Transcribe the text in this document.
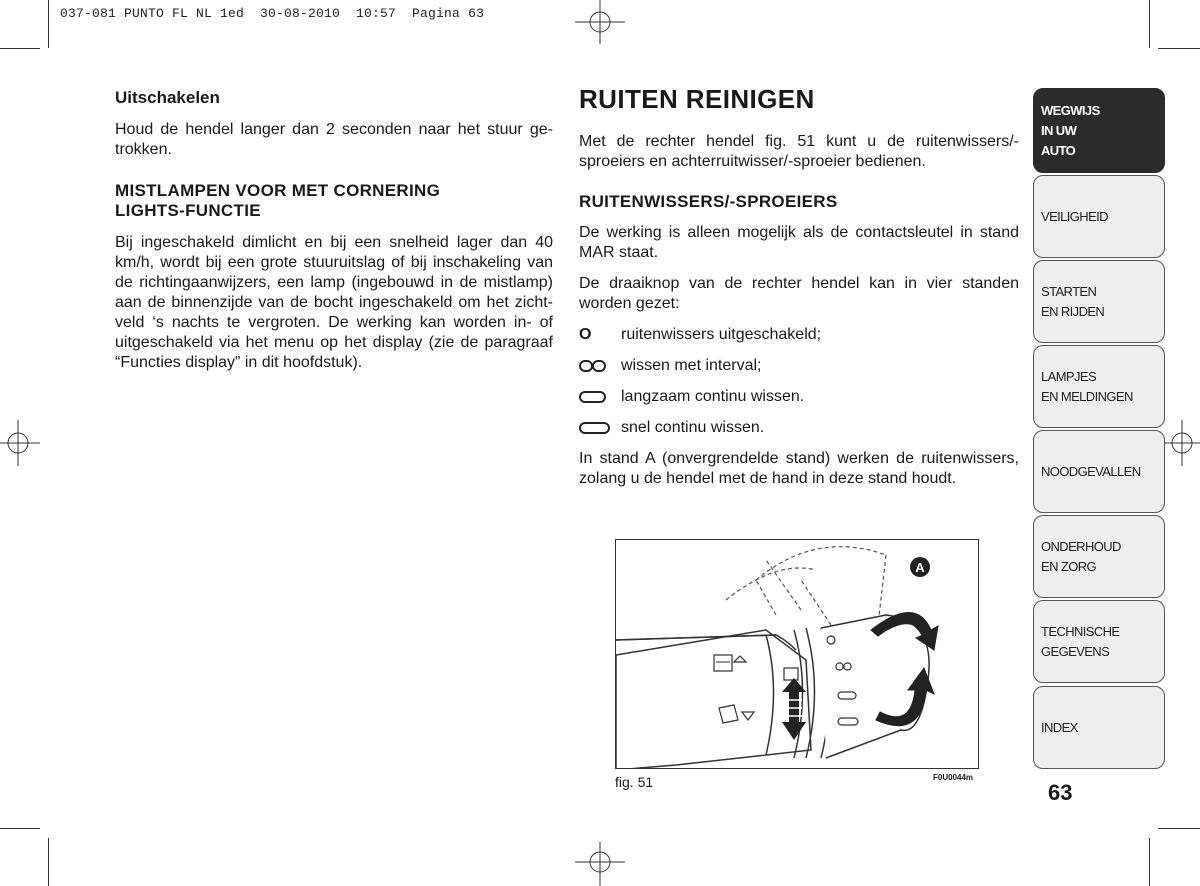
037-081 PUNTO FL NL 1ed  30-08-2010  10:57  Pagina 63
Uitschakelen

Houd de hendel langer dan 2 seconden naar het stuur ge-trokken.

MISTLAMPEN VOOR MET CORNERING
LIGHTS-FUNCTIE

Bij ingeschakeld dimlicht en bij een snelheid lager dan 40 km/h, wordt bij een grote stuuruitslag of bij inschakeling van de richtingaanwijzers, een lamp (ingebouwd in de mistlamp) aan de binnenzijde van de bocht ingeschakeld om het zicht-veld ‘s nachts te vergroten. De werking kan worden in- of uitgeschakeld via het menu op het display (zie de paragraaf “Functies display” in dit hoofdstuk).

RUITEN REINIGEN

Met de rechter hendel fig. 51 kunt u de ruitenwissers/-sproeiers en achterruitwisser/-sproeier bedienen.

RUITENWISSERS/-SPROEIERS

De werking is alleen mogelijk als de contactsleutel in stand MAR staat.

De draaiknop van de rechter hendel kan in vier standen worden gezet:

O	ruitenwissers uitgeschakeld;
wissen met interval;
langzaam continu wissen.
snel continu wissen.

In stand A (onvergrendelde stand) werken de ruitenwissers, zolang u de hendel met de hand in deze stand houdt.

A
fig. 51	F0U0044m
WEGWIJS
IN UW
AUTO
VEILIGHEID
STARTEN
EN RIJDEN
LAMPJES
EN MELDINGEN
NOODGEVALLEN
ONDERHOUD
EN ZORG
TECHNISCHE
GEGEVENS
INDEX
63
